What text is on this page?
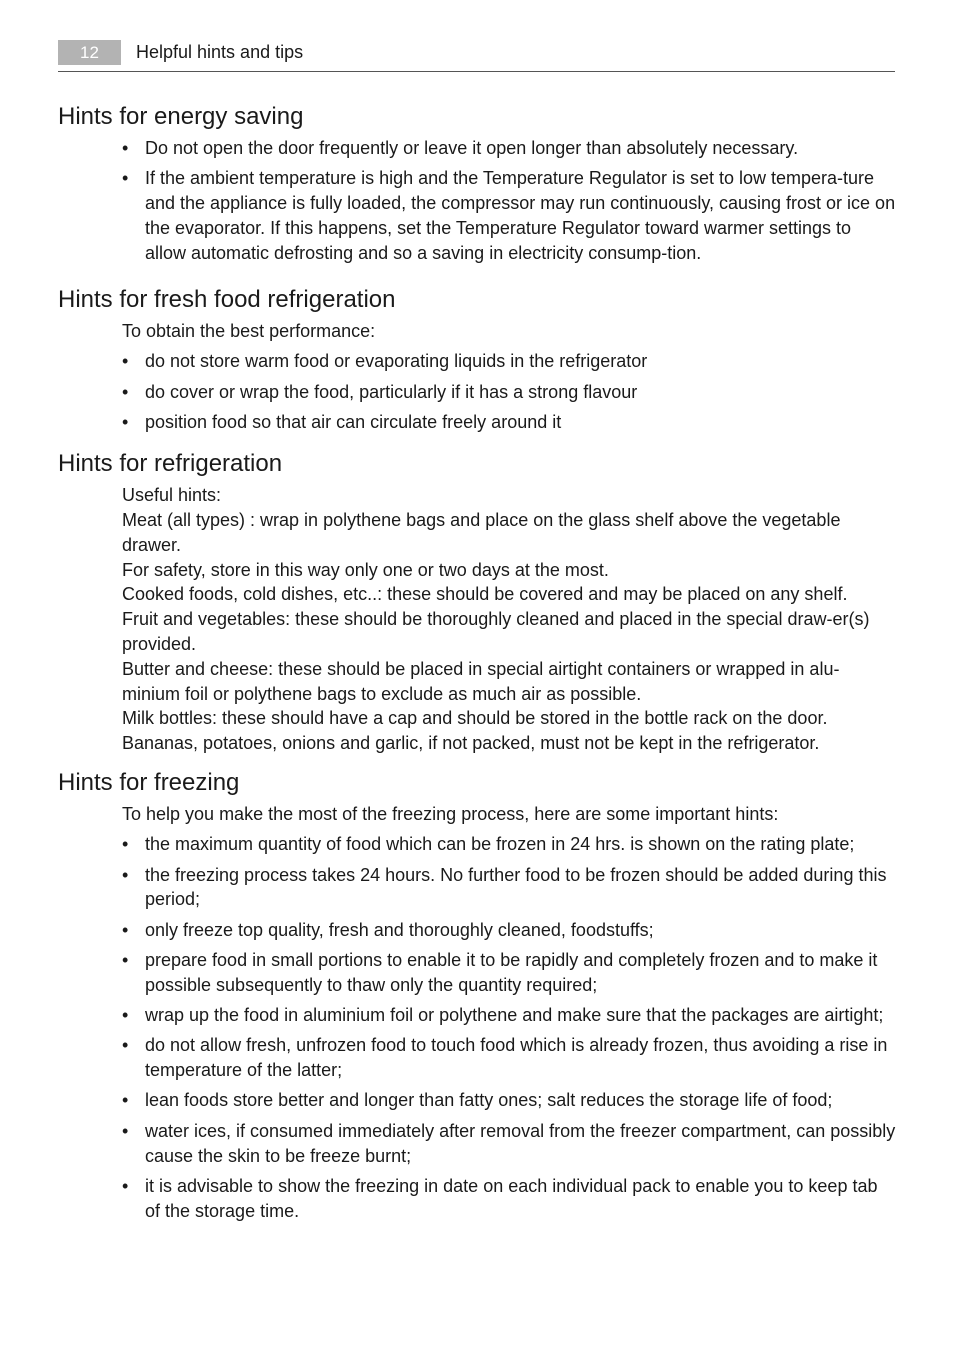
12	Helpful hints and tips
Hints for energy saving
• Do not open the door frequently or leave it open longer than absolutely necessary.
• If the ambient temperature is high and the Temperature Regulator is set to low tempera-ture and the appliance is fully loaded, the compressor may run continuously, causing frost or ice on the evaporator. If this happens, set the Temperature Regulator toward warmer settings to allow automatic defrosting and so a saving in electricity consump-tion.
Hints for fresh food refrigeration

To obtain the best performance:

• do not store warm food or evaporating liquids in the refrigerator
• do cover or wrap the food, particularly if it has a strong flavour
• position food so that air can circulate freely around it
Hints for refrigeration

Useful hints:

Meat (all types) : wrap in polythene bags and place on the glass shelf above the vegetable drawer.

For safety, store in this way only one or two days at the most.

Cooked foods, cold dishes, etc..: these should be covered and may be placed on any shelf.

Fruit and vegetables: these should be thoroughly cleaned and placed in the special draw-er(s) provided.

Butter and cheese: these should be placed in special airtight containers or wrapped in alu-minium foil or polythene bags to exclude as much air as possible.

Milk bottles: these should have a cap and should be stored in the bottle rack on the door.

Bananas, potatoes, onions and garlic, if not packed, must not be kept in the refrigerator.

Hints for freezing

To help you make the most of the freezing process, here are some important hints:

• the maximum quantity of food which can be frozen in 24 hrs. is shown on the rating plate;
• the freezing process takes 24 hours. No further food to be frozen should be added during this period;
• only freeze top quality, fresh and thoroughly cleaned, foodstuffs;
• prepare food in small portions to enable it to be rapidly and completely frozen and to make it possible subsequently to thaw only the quantity required;
• wrap up the food in aluminium foil or polythene and make sure that the packages are airtight;
• do not allow fresh, unfrozen food to touch food which is already frozen, thus avoiding a rise in temperature of the latter;
• lean foods store better and longer than fatty ones; salt reduces the storage life of food;
• water ices, if consumed immediately after removal from the freezer compartment, can possibly cause the skin to be freeze burnt;
• it is advisable to show the freezing in date on each individual pack to enable you to keep tab of the storage time.
